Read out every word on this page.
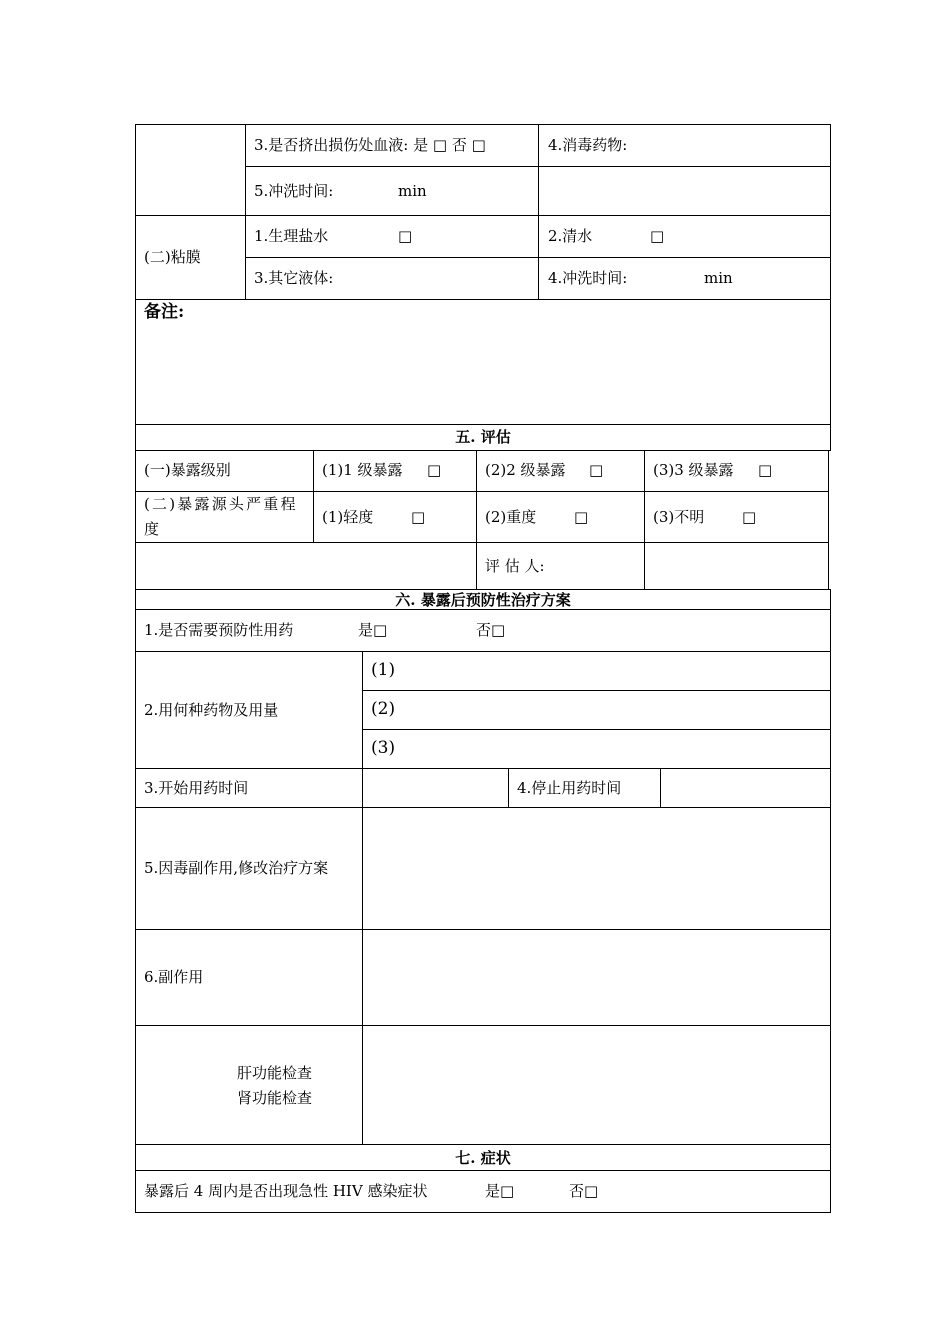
3.是否挤出损伤处血液: 是 □ 否 □	4.消毒药物:
5.冲洗时间:	min
(二)粘膜
1.生理盐水	□	2.清水	□
3.其它液体:	4.冲洗时间:	min
备注:
五. 评估
(一)暴露级别	(1)1 级暴露 □	(2)2 级暴露 □	(3)3 级暴露 □
(二)暴露源头严重程
度
(1)轻度	□	(2)重度	□	(3)不明	□
评 估 人:
六. 暴露后预防性治疗方案
1.是否需要预防性用药	是□	否□
2.用何种药物及用量
(1)
(2)
(3)
3.开始用药时间	4.停止用药时间
5.因毒副作用,修改治疗方案
6.副作用
肝功能检查
肾功能检查
七. 症状
暴露后 4 周内是否出现急性 HIV 感染症状	是□	否□
